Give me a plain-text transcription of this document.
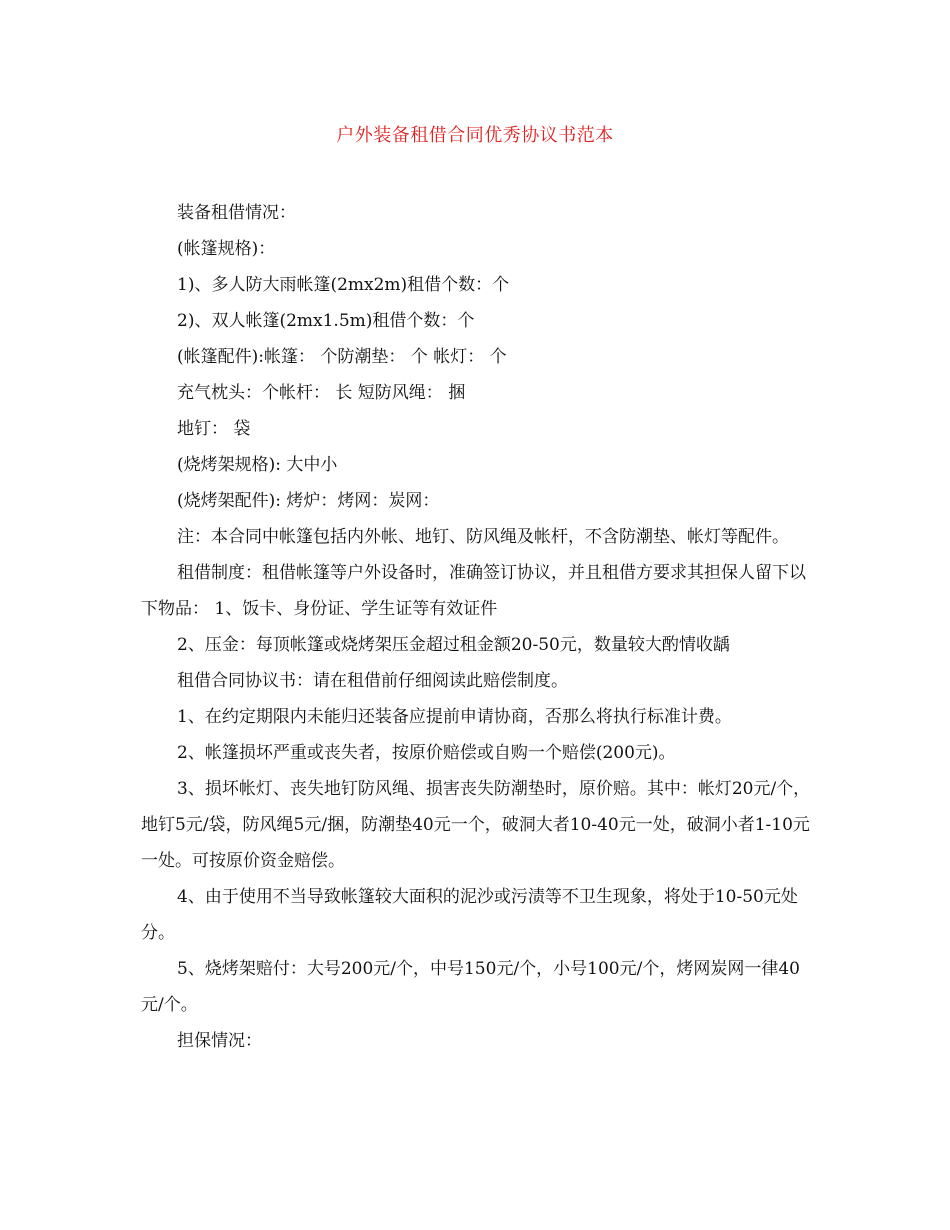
户外装备租借合同优秀协议书范本

装备租借情况：

(帐篷规格)：

1)、多人防大雨帐篷(2mx2m)租借个数：个

2)、双人帐篷(2mx1.5m)租借个数：个

(帐篷配件):帐篷： 个防潮垫： 个 帐灯： 个

充气枕头：个帐杆： 长 短防风绳： 捆

地钉： 袋

(烧烤架规格): 大中小

(烧烤架配件): 烤炉：烤网：炭网：

注：本合同中帐篷包括内外帐、地钉、防风绳及帐杆，不含防潮垫、帐灯等配件。

租借制度：租借帐篷等户外设备时，准确签订协议，并且租借方要求其担保人留下以下物品： 1、饭卡、身份证、学生证等有效证件

2、压金：每顶帐篷或烧烤架压金超过租金额20-50元，数量较大酌情收龋

租借合同协议书：请在租借前仔细阅读此赔偿制度。

1、在约定期限内未能归还装备应提前申请协商，否那么将执行标准计费。

2、帐篷损坏严重或丧失者，按原价赔偿或自购一个赔偿(200元)。

3、损坏帐灯、丧失地钉防风绳、损害丧失防潮垫时，原价赔。其中：帐灯20元/个，地钉5元/袋，防风绳5元/捆，防潮垫40元一个，破洞大者10-40元一处，破洞小者1-10元一处。可按原价资金赔偿。

4、由于使用不当导致帐篷较大面积的泥沙或污渍等不卫生现象，将处于10-50元处分。

5、烧烤架赔付：大号200元/个，中号150元/个，小号100元/个，烤网炭网一律40元/个。

担保情况：
